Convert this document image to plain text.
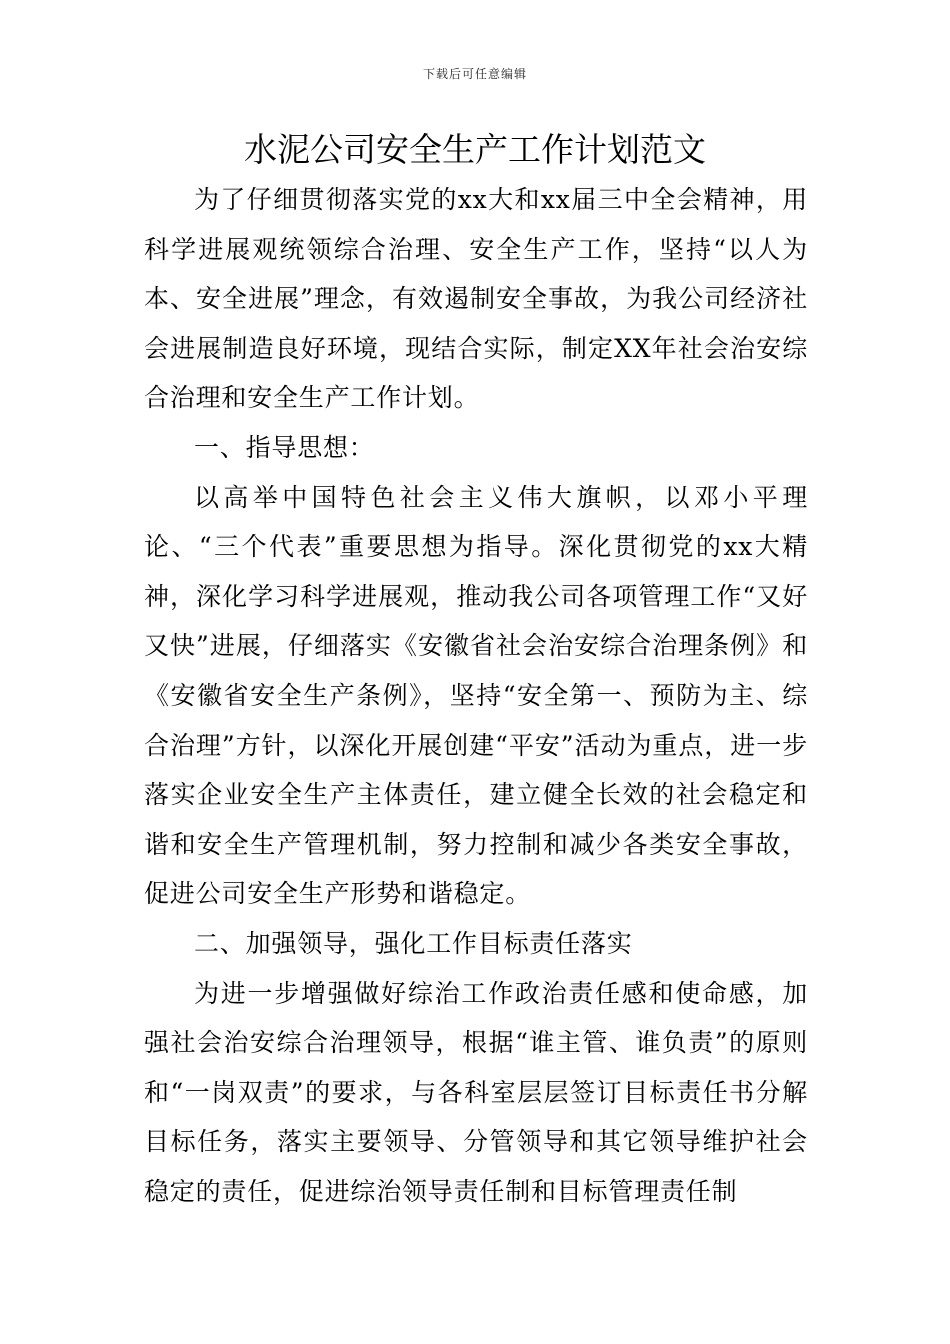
下载后可任意编辑
水泥公司安全生产工作计划范文

为了仔细贯彻落实党的xx大和xx届三中全会精神，用科学进展观统领综合治理、安全生产工作，坚持“以人为本、安全进展”理念，有效遏制安全事故，为我公司经济社会进展制造良好环境，现结合实际，制定XX年社会治安综合治理和安全生产工作计划。

一、指导思想：

以高举中国特色社会主义伟大旗帜，以邓小平理论、“三个代表”重要思想为指导。深化贯彻党的xx大精神，深化学习科学进展观，推动我公司各项管理工作“又好又快”进展，仔细落实《安徽省社会治安综合治理条例》和《安徽省安全生产条例》，坚持“安全第一、预防为主、综合治理”方针，以深化开展创建“平安”活动为重点，进一步落实企业安全生产主体责任，建立健全长效的社会稳定和谐和安全生产管理机制，努力控制和减少各类安全事故，促进公司安全生产形势和谐稳定。

二、加强领导，强化工作目标责任落实

为进一步增强做好综治工作政治责任感和使命感，加强社会治安综合治理领导，根据“谁主管、谁负责”的原则和“一岗双责”的要求，与各科室层层签订目标责任书分解目标任务，落实主要领导、分管领导和其它领导维护社会稳定的责任，促进综治领导责任制和目标管理责任制
